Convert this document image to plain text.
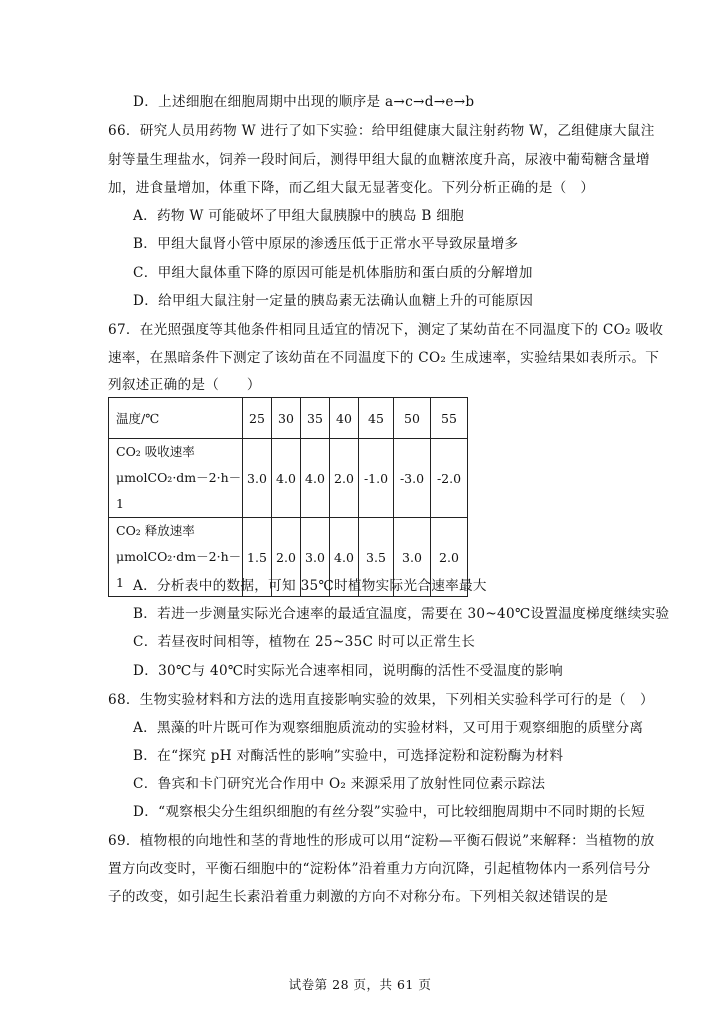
D．上述细胞在细胞周期中出现的顺序是 a→c→d→e→b
66．研究人员用药物 W 进行了如下实验：给甲组健康大鼠注射药物 W，乙组健康大鼠注
射等量生理盐水，饲养一段时间后，测得甲组大鼠的血糖浓度升高，尿液中葡萄糖含量增
加，进食量增加，体重下降，而乙组大鼠无显著变化。下列分析正确的是（　）
A．药物 W 可能破坏了甲组大鼠胰腺中的胰岛 B 细胞
B．甲组大鼠肾小管中原尿的渗透压低于正常水平导致尿量增多
C．甲组大鼠体重下降的原因可能是机体脂肪和蛋白质的分解增加
D．给甲组大鼠注射一定量的胰岛素无法确认血糖上升的可能原因
67．在光照强度等其他条件相同且适宜的情况下，测定了某幼苗在不同温度下的 CO₂ 吸收
速率，在黑暗条件下测定了该幼苗在不同温度下的 CO₂ 生成速率，实验结果如表所示。下
列叙述正确的是（　　）
温度/℃	25	30	35	40	45	50	55

CO₂ 吸收速率
μmolCO₂·dm－2·h－1	3.0	4.0	4.0	2.0	-1.0	-3.0	-2.0

CO₂ 释放速率
μmolCO₂·dm－2·h－1	1.5	2.0	3.0	4.0	3.5	3.0	2.0
A．分析表中的数据，可知 35℃时植物实际光合速率最大
B．若进一步测量实际光合速率的最适宜温度，需要在 30~40℃设置温度梯度继续实验
C．若昼夜时间相等，植物在 25~35C 时可以正常生长
D．30℃与 40℃时实际光合速率相同，说明酶的活性不受温度的影响
68．生物实验材料和方法的选用直接影响实验的效果，下列相关实验科学可行的是（　）
A．黑藻的叶片既可作为观察细胞质流动的实验材料，又可用于观察细胞的质壁分离
B．在“探究 pH 对酶活性的影响”实验中，可选择淀粉和淀粉酶为材料
C．鲁宾和卡门研究光合作用中 O₂ 来源采用了放射性同位素示踪法
D．“观察根尖分生组织细胞的有丝分裂”实验中，可比较细胞周期中不同时期的长短
69．植物根的向地性和茎的背地性的形成可以用“淀粉—平衡石假说”来解释：当植物的放
置方向改变时，平衡石细胞中的“淀粉体”沿着重力方向沉降，引起植物体内一系列信号分
子的改变，如引起生长素沿着重力刺激的方向不对称分布。下列相关叙述错误的是
试卷第 28 页，共 61 页
